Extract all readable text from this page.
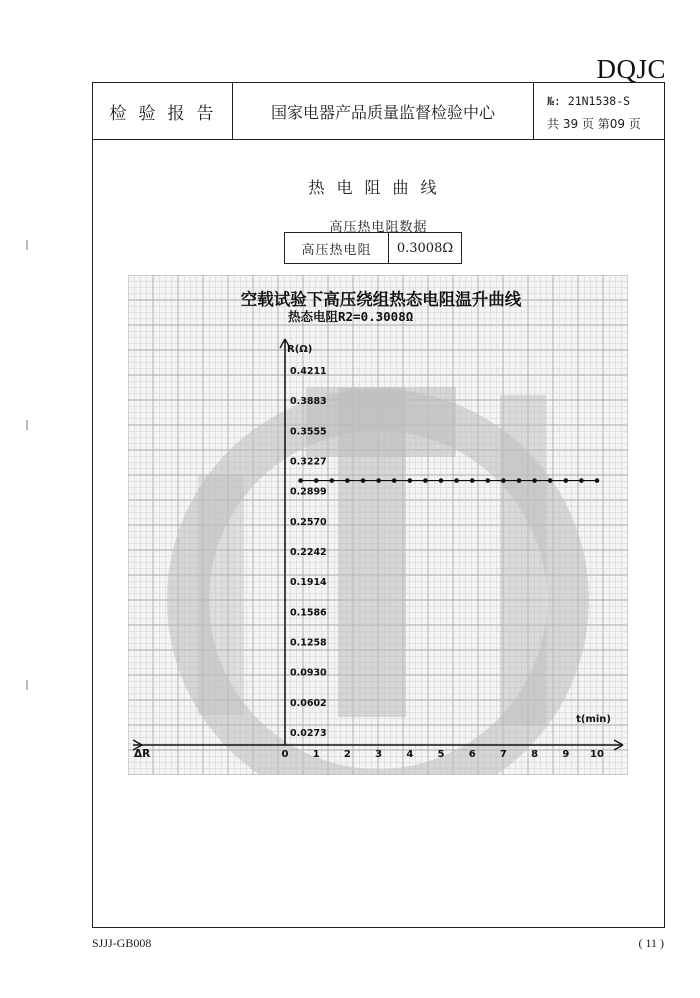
DQJC
检验报告	国家电器产品质量监督检验中心
№: 21N1538-S
共 39 页 第09 页
热电阻曲线
高压热电阻数据
高压热电阻	0.3008Ω
空载试验下高压绕组热态电阻温升曲线
热态电阻R2=0.3008Ω
R(Ω)
t(min)
ΔR
0.4211
0.3883
0.3555
0.3227
0.2899
0.2570
0.2242
0.1914
0.1586
0.1258
0.0930
0.0602
0.0273
0 1 2 3 4 5 6 7 8 9 10
SJJJ-GB008	( 11 )
